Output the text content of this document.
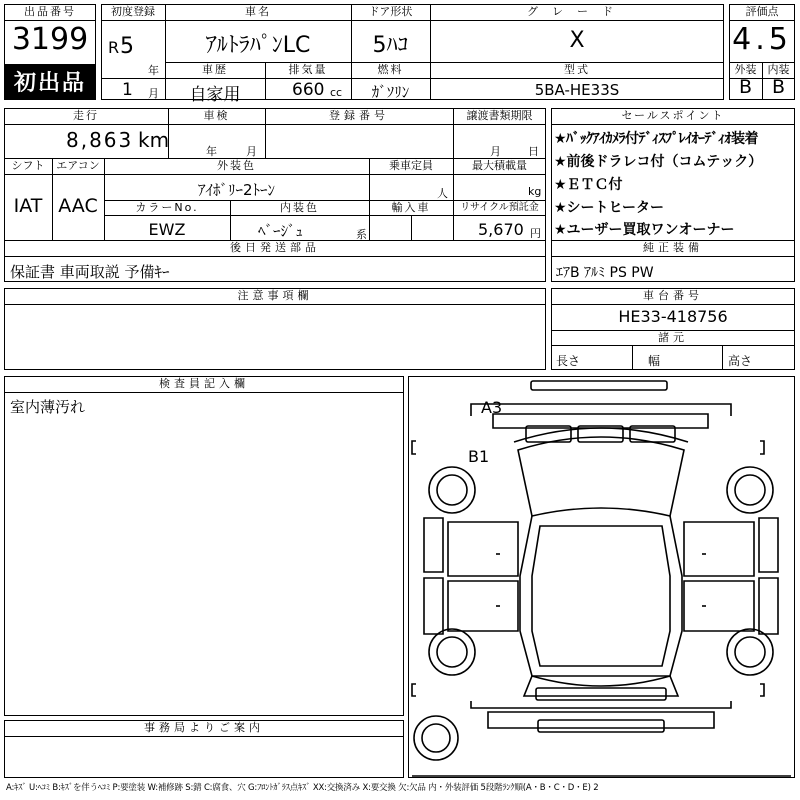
出品番号
3199
初出品
初度登録
R 5
年
1 月
車名
ｱﾙﾄﾗﾊﾟﾝLC
ドア形状
5ﾊｺ
グレード
X
車歴
自家用
排気量
660 cc
燃料
ｶﾞｿﾘﾝ
型式
5BA-HE33S
評価点
4.5
外装	内装
B	B
走行
8,863 km
車検
年	月
登録番号	譲渡書類期限
月 日
シフト
IAT
エアコン
AAC
外装色
ｱｲﾎﾞﾘｰ2ﾄｰﾝ
乗車定員
人
最大積載量
kg
カラーNo.
EWZ
内装色
ﾍﾞｰｼﾞｭ	系
輸入車	リサイクル預託金
5,670 円
後日発送部品
保証書 車両取説 予備ｷｰ
セールスポイント
★ﾊﾞｯｸｱｲｶﾒﾗ付ﾃﾞｨｽﾌﾟﾚｲｵｰﾃﾞｨｵ装着
★前後ドラレコ付（コムテック）
★ＥＴＣ付
★シートヒーター
★ユーザー買取ワンオーナー
純正装備
ｴｱB ｱﾙﾐ PS PW
注意事項欄	車台番号
HE33-418756
諸元
長さ	幅	高さ
検査員記入欄
室内薄汚れ
事務局よりご案内
A3
B1
A:ｷｽﾞ U:ﾍｺﾐ B:ｷｽﾞを伴うﾍｺﾐ P:要塗装 W:補修跡 S:錆 C:腐食、穴 G:ﾌﾛﾝﾄｶﾞﾗｽ点ｷｽﾞ XX:交換済み X:要交換 欠:欠品 内・外装評価 5段階ﾗﾝｸ順(A・B・C・D・E) 2
